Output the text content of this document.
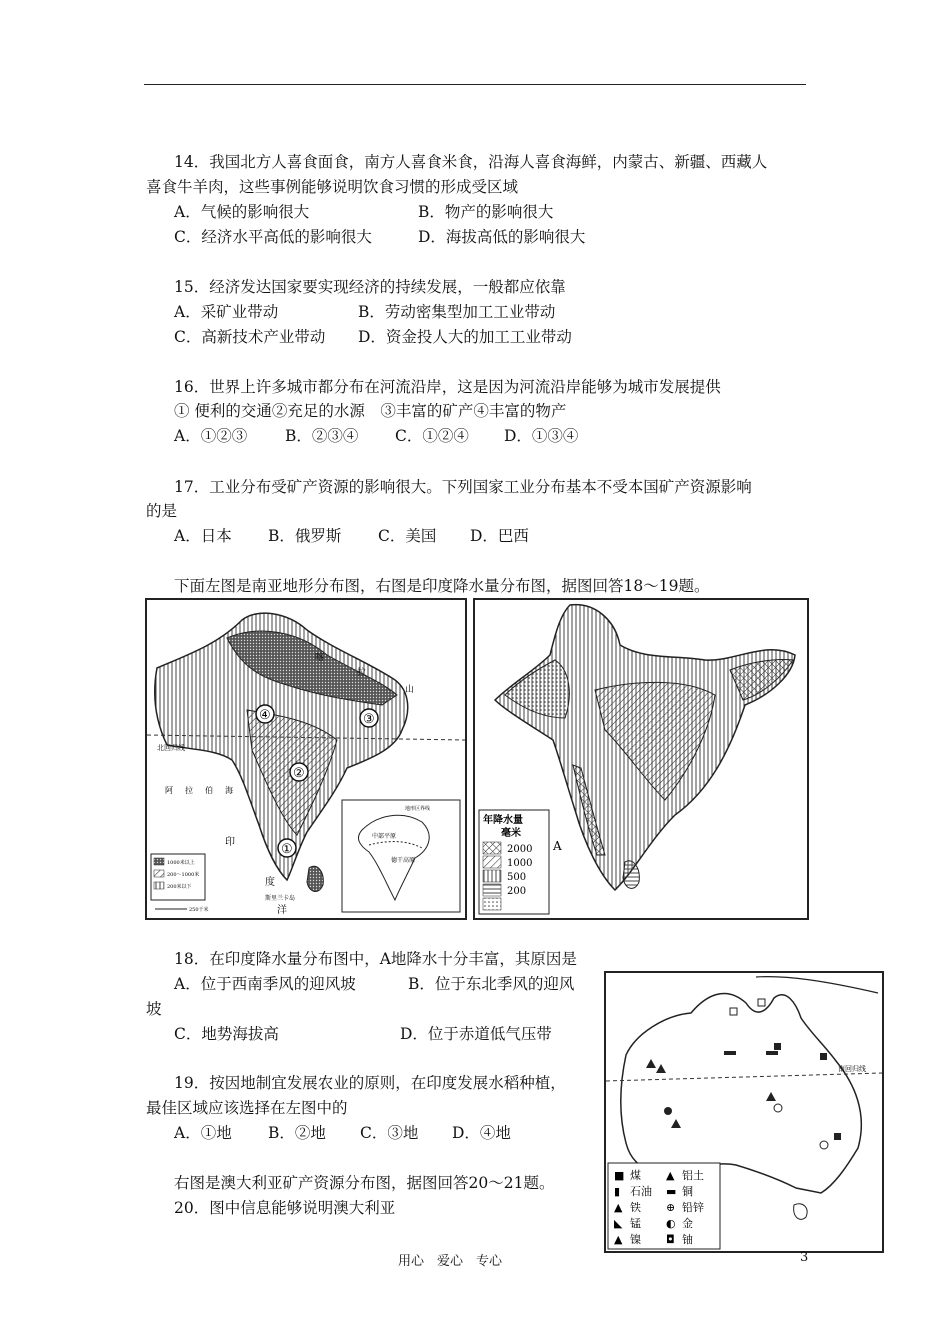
14．我国北方人喜食面食，南方人喜食米食，沿海人喜食海鲜，内蒙古、新疆、西藏人
喜食牛羊肉，这些事例能够说明饮食习惯的形成受区域
A．气候的影响很大	B．物产的影响很大
C．经济水平高低的影响很大	D．海拔高低的影响很大
15．经济发达国家要实现经济的持续发展，一般都应依靠
A．采矿业带动	B．劳动密集型加工工业带动
C．高新技术产业带动 D．资金投人大的加工工业带动
16．世界上许多城市都分布在河流沿岸，这是因为河流沿岸能够为城市发展提供
① 便利的交通②充足的水源　③丰富的矿产④丰富的物产
A．①②③ B．②③④ C．①②④ D．①③④
17．工业分布受矿产资源的影响很大。下列国家工业分布基本不受本国矿产资源影响
的是
A．日本 B．俄罗斯 C．美国 D．巴西
下面左图是南亚地形分布图，右图是印度降水量分布图，据图回答18～19题。
北回归线
喀
拉
山
阿 拉 伯 海
印
度
洋
斯里兰卡岛
④	③
②
①
1000米以上
200～1000米
200米以下
250千米
地形区界线
中部平原
德干高原
A
年降水量
毫米
2000
1000
500
200
18．在印度降水量分布图中，A地降水十分丰富，其原因是
A．位于西南季风的迎风坡	B．位于东北季风的迎风
坡
C．地势海拔高	D．位于赤道低气压带
19．按因地制宜发展农业的原则，在印度发展水稻种植，
最佳区域应该选择在左图中的
A．①地 B．②地 C．③地 D．④地
右图是澳大利亚矿产资源分布图，据图回答20～21题。
20．图中信息能够说明澳大利亚
南回归线
■ 煤 ▲ 铝土
▮ 石油 ▬ 铜
▲ 铁 ⊕ 铅锌
◣ 锰 ◐ 金
▲ 镍 ◘ 铀
用心　爱心　专心	3
